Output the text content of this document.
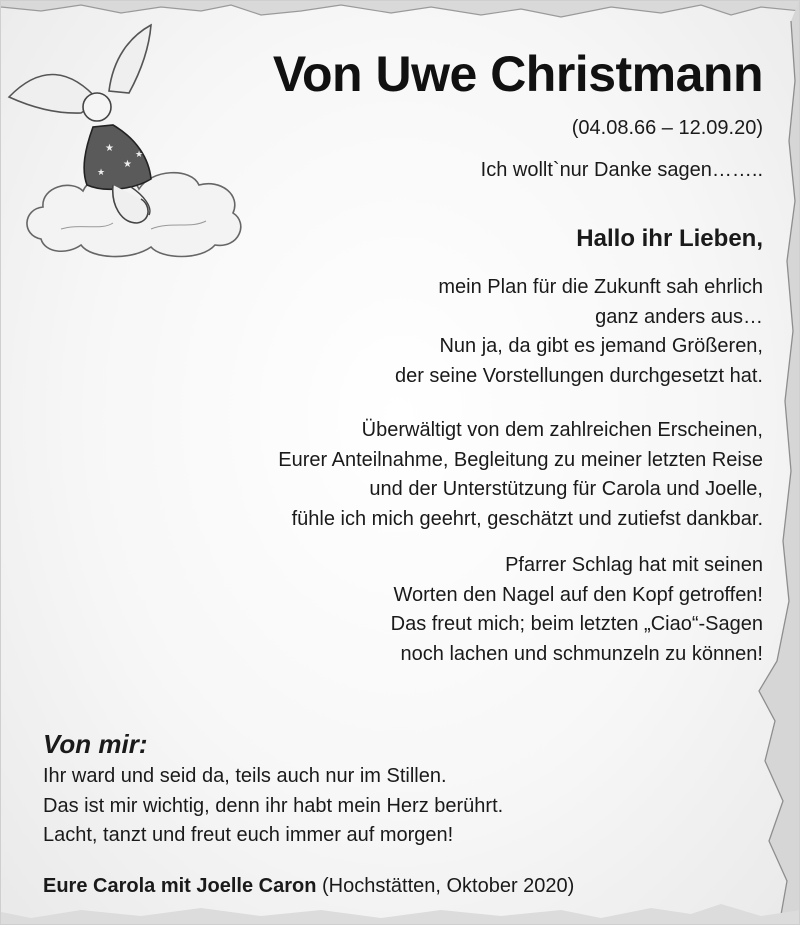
★
★
★
★
Von Uwe Christmann
(04.08.66 – 12.09.20)
Ich wollt`nur Danke sagen……..
Hallo ihr Lieben,
mein Plan für die Zukunft sah ehrlich
ganz anders aus…
Nun ja, da gibt es jemand Größeren,
der seine Vorstellungen durchgesetzt hat.
Überwältigt von dem zahlreichen Erscheinen,
Eurer Anteilnahme, Begleitung zu meiner letzten Reise
und der Unterstützung für Carola und Joelle,
fühle ich mich geehrt, geschätzt und zutiefst dankbar.
Pfarrer Schlag hat mit seinen
Worten den Nagel auf den Kopf getroffen!
Das freut mich; beim letzten „Ciao“-Sagen
noch lachen und schmunzeln zu können!
Von mir:
Ihr ward und seid da, teils auch nur im Stillen.
Das ist mir wichtig, denn ihr habt mein Herz berührt.
Lacht, tanzt und freut euch immer auf morgen!
Eure Carola mit Joelle Caron (Hochstätten, Oktober 2020)
